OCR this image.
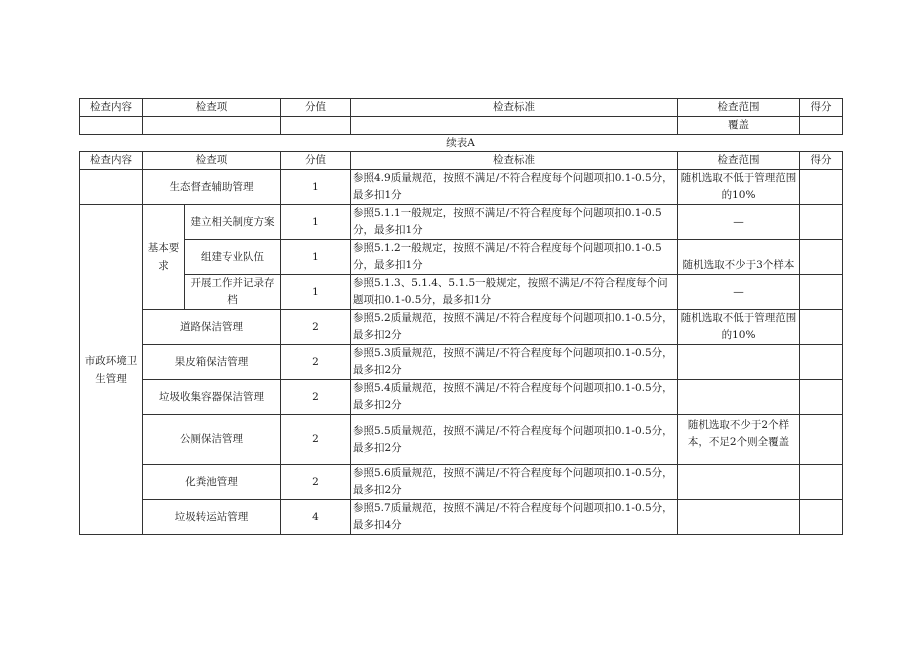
检查内容	检查项	分值	检查标准	检查范围	得分
				覆盖	
续表A
检查内容	检查项		分值	检查标准	检查范围	得分
	生态督查辅助管理		1	参照4.9质量规范，按照不满足/不符合程度每个问题项扣0.1-0.5分，最多扣1分	随机选取不低于管理范围的10%	
市政环境卫生管理	基本要求	建立相关制度方案	1	参照5.1.1一般规定，按照不满足/不符合程度每个问题项扣0.1-0.5分，最多扣1分	—	
		组建专业队伍	1	参照5.1.2一般规定，按照不满足/不符合程度每个问题项扣0.1-0.5分，最多扣1分	随机选取不少于3个样本	
		开展工作并记录存档	1	参照5.1.3、5.1.4、5.1.5一般规定，按照不满足/不符合程度每个问题项扣0.1-0.5分，最多扣1分	—	
	道路保洁管理		2	参照5.2质量规范，按照不满足/不符合程度每个问题项扣0.1-0.5分，最多扣2分	随机选取不低于管理范围的10%	
	果皮箱保洁管理		2	参照5.3质量规范，按照不满足/不符合程度每个问题项扣0.1-0.5分，最多扣2分		
	垃圾收集容器保洁管理		2	参照5.4质量规范，按照不满足/不符合程度每个问题项扣0.1-0.5分，最多扣2分		
	公厕保洁管理		2	参照5.5质量规范，按照不满足/不符合程度每个问题项扣0.1-0.5分，最多扣2分	随机选取不少于2个样本，不足2个则全覆盖	
	化粪池管理		2	参照5.6质量规范，按照不满足/不符合程度每个问题项扣0.1-0.5分，最多扣2分		
	垃圾转运站管理		4	参照5.7质量规范，按照不满足/不符合程度每个问题项扣0.1-0.5分，最多扣4分		
